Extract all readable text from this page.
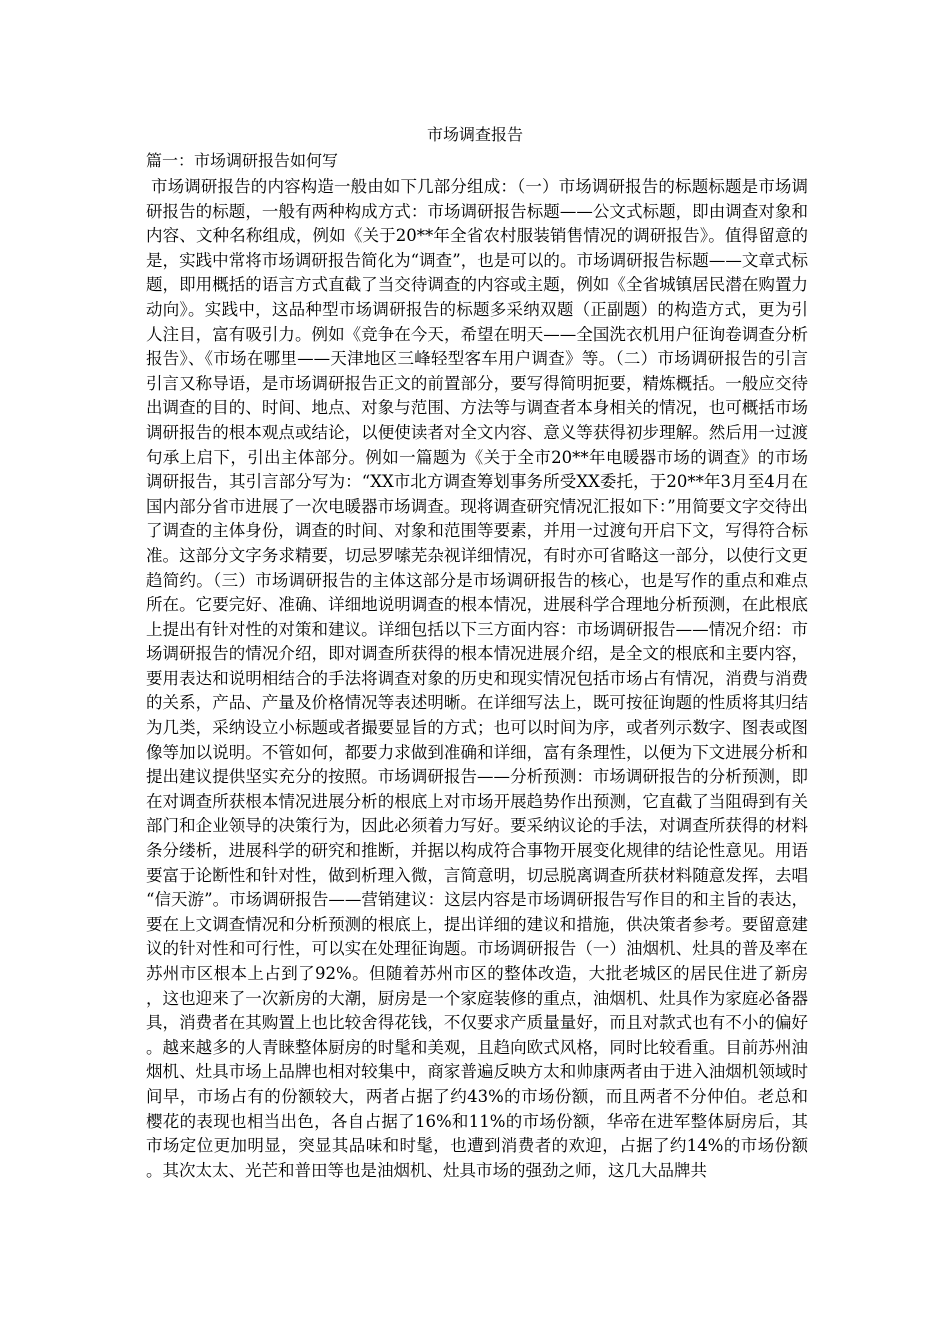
市场调查报告
篇一：市场调研报告如何写

市场调研报告的内容构造一般由如下几部分组成：（一）市场调研报告的标题标题是市场调研报告的标题，一般有两种构成方式：市场调研报告标题——公文式标题，即由调查对象和内容、文种名称组成，例如《关于20**年全省农村服装销售情况的调研报告》。值得留意的是，实践中常将市场调研报告简化为“调查”，也是可以的。市场调研报告标题——文章式标题，即用概括的语言方式直截了当交待调查的内容或主题，例如《全省城镇居民潜在购置力动向》。实践中，这品种型市场调研报告的标题多采纳双题（正副题）的构造方式，更为引人注目，富有吸引力。例如《竞争在今天，希望在明天——全国洗衣机用户征询卷调查分析报告》、《市场在哪里——天津地区三峰轻型客车用户调查》等。（二）市场调研报告的引言引言又称导语，是市场调研报告正文的前置部分，要写得简明扼要，精炼概括。一般应交待出调查的目的、时间、地点、对象与范围、方法等与调查者本身相关的情况，也可概括市场调研报告的根本观点或结论，以便使读者对全文内容、意义等获得初步理解。然后用一过渡句承上启下，引出主体部分。例如一篇题为《关于全市20**年电暖器市场的调查》的市场调研报告，其引言部分写为：“XX市北方调查筹划事务所受XX委托，于20**年3月至4月在国内部分省市进展了一次电暖器市场调查。现将调查研究情况汇报如下：”用简要文字交待出了调查的主体身份，调查的时间、对象和范围等要素，并用一过渡句开启下文，写得符合标准。这部分文字务求精要，切忌罗嗦芜杂视详细情况，有时亦可省略这一部分，以使行文更趋简约。（三）市场调研报告的主体这部分是市场调研报告的核心，也是写作的重点和难点所在。它要完好、准确、详细地说明调查的根本情况，进展科学合理地分析预测，在此根底上提出有针对性的对策和建议。详细包括以下三方面内容：市场调研报告——情况介绍：市场调研报告的情况介绍，即对调查所获得的根本情况进展介绍，是全文的根底和主要内容，要用表达和说明相结合的手法将调查对象的历史和现实情况包括市场占有情况，消费与消费的关系，产品、产量及价格情况等表述明晰。在详细写法上，既可按征询题的性质将其归结为几类，采纳设立小标题或者撮要显旨的方式；也可以时间为序，或者列示数字、图表或图像等加以说明。不管如何，都要力求做到准确和详细，富有条理性，以便为下文进展分析和提出建议提供坚实充分的按照。市场调研报告——分析预测：市场调研报告的分析预测，即在对调查所获根本情况进展分析的根底上对市场开展趋势作出预测，它直截了当阻碍到有关部门和企业领导的决策行为，因此必须着力写好。要采纳议论的手法，对调查所获得的材料条分缕析，进展科学的研究和推断，并据以构成符合事物开展变化规律的结论性意见。用语要富于论断性和针对性，做到析理入微，言简意明，切忌脱离调查所获材料随意发挥，去唱“信天游”。市场调研报告——营销建议：这层内容是市场调研报告写作目的和主旨的表达，要在上文调查情况和分析预测的根底上，提出详细的建议和措施，供决策者参考。要留意建议的针对性和可行性，可以实在处理征询题。市场调研报告（一）油烟机、灶具的普及率在苏州市区根本上占到了92%。但随着苏州市区的整体改造，大批老城区的居民住进了新房，这也迎来了一次新房的大潮，厨房是一个家庭装修的重点，油烟机、灶具作为家庭必备器具，消费者在其购置上也比较舍得花钱，不仅要求产质量量好，而且对款式也有不小的偏好。越来越多的人青睐整体厨房的时髦和美观，且趋向欧式风格，同时比较看重。目前苏州油烟机、灶具市场上品牌也相对较集中，商家普遍反映方太和帅康两者由于进入油烟机领域时间早，市场占有的份额较大，两者占据了约43%的市场份额，而且两者不分仲伯。老总和樱花的表现也相当出色，各自占据了16%和11%的市场份额，华帝在进军整体厨房后，其市场定位更加明显，突显其品味和时髦，也遭到消费者的欢迎，占据了约14%的市场份额。其次太太、光芒和普田等也是油烟机、灶具市场的强劲之师，这几大品牌共
